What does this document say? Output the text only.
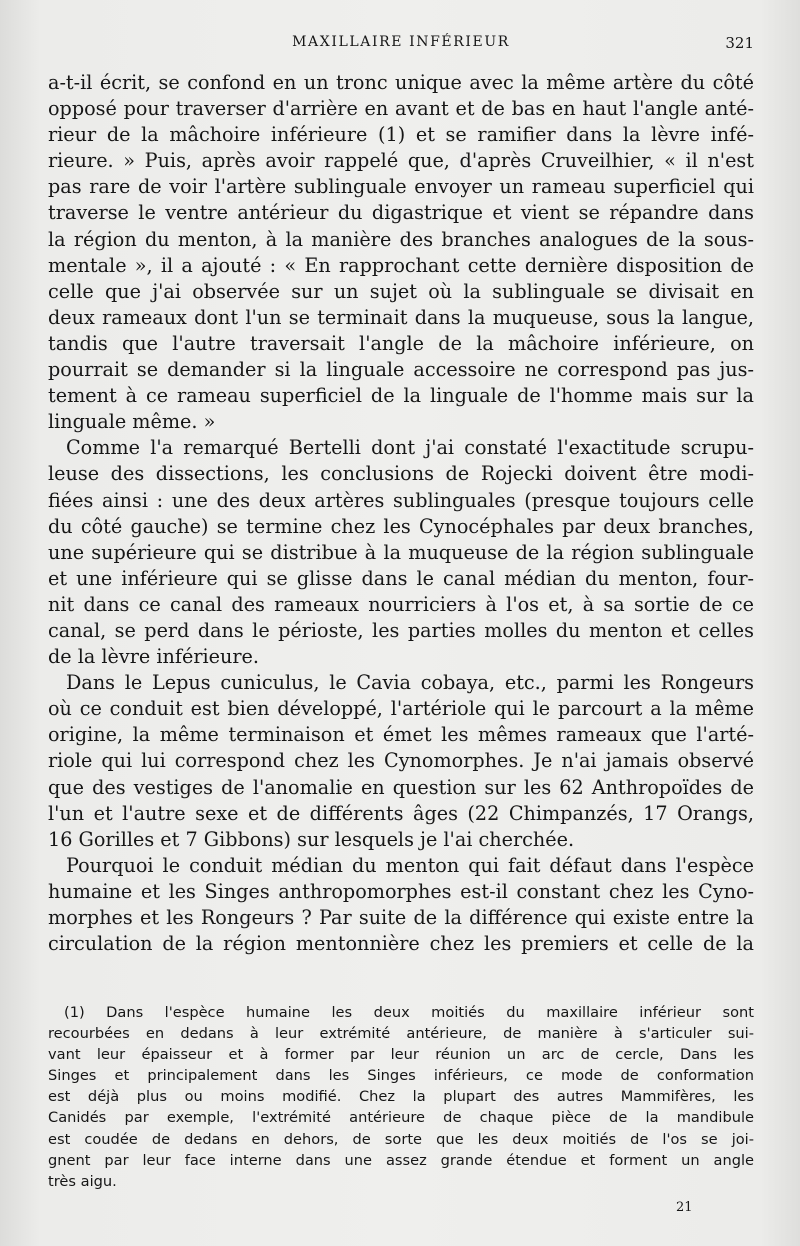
MAXILLAIRE INFÉRIEUR	321
a-t-il écrit, se confond en un tronc unique avec la même artère du côté
opposé pour traverser d'arrière en avant et de bas en haut l'angle anté-
rieur de la mâchoire inférieure (1) et se ramifier dans la lèvre infé-
rieure. » Puis, après avoir rappelé que, d'après Cruveilhier, « il n'est
pas rare de voir l'artère sublinguale envoyer un rameau superficiel qui
traverse le ventre antérieur du digastrique et vient se répandre dans
la région du menton, à la manière des branches analogues de la sous-
mentale », il a ajouté : « En rapprochant cette dernière disposition de
celle que j'ai observée sur un sujet où la sublinguale se divisait en
deux rameaux dont l'un se terminait dans la muqueuse, sous la langue,
tandis que l'autre traversait l'angle de la mâchoire inférieure, on
pourrait se demander si la linguale accessoire ne correspond pas jus-
tement à ce rameau superficiel de la linguale de l'homme mais sur la
linguale même. »
Comme l'a remarqué Bertelli dont j'ai constaté l'exactitude scrupu-
leuse des dissections, les conclusions de Rojecki doivent être modi-
fiées ainsi : une des deux artères sublinguales (presque toujours celle
du côté gauche) se termine chez les Cynocéphales par deux branches,
une supérieure qui se distribue à la muqueuse de la région sublinguale
et une inférieure qui se glisse dans le canal médian du menton, four-
nit dans ce canal des rameaux nourriciers à l'os et, à sa sortie de ce
canal, se perd dans le périoste, les parties molles du menton et celles
de la lèvre inférieure.
Dans le Lepus cuniculus, le Cavia cobaya, etc., parmi les Rongeurs
où ce conduit est bien développé, l'artériole qui le parcourt a la même
origine, la même terminaison et émet les mêmes rameaux que l'arté-
riole qui lui correspond chez les Cynomorphes. Je n'ai jamais observé
que des vestiges de l'anomalie en question sur les 62 Anthropoïdes de
l'un et l'autre sexe et de différents âges (22 Chimpanzés, 17 Orangs,
16 Gorilles et 7 Gibbons) sur lesquels je l'ai cherchée.
Pourquoi le conduit médian du menton qui fait défaut dans l'espèce
humaine et les Singes anthropomorphes est-il constant chez les Cyno-
morphes et les Rongeurs ? Par suite de la différence qui existe entre la
circulation de la région mentonnière chez les premiers et celle de la
(1) Dans l'espèce humaine les deux moitiés du maxillaire inférieur sont
recourbées en dedans à leur extrémité antérieure, de manière à s'articuler sui-
vant leur épaisseur et à former par leur réunion un arc de cercle, Dans les
Singes et principalement dans les Singes inférieurs, ce mode de conformation
est déjà plus ou moins modifié. Chez la plupart des autres Mammifères, les
Canidés par exemple, l'extrémité antérieure de chaque pièce de la mandibule
est coudée de dedans en dehors, de sorte que les deux moitiés de l'os se joi-
gnent par leur face interne dans une assez grande étendue et forment un angle
très aigu.
21
